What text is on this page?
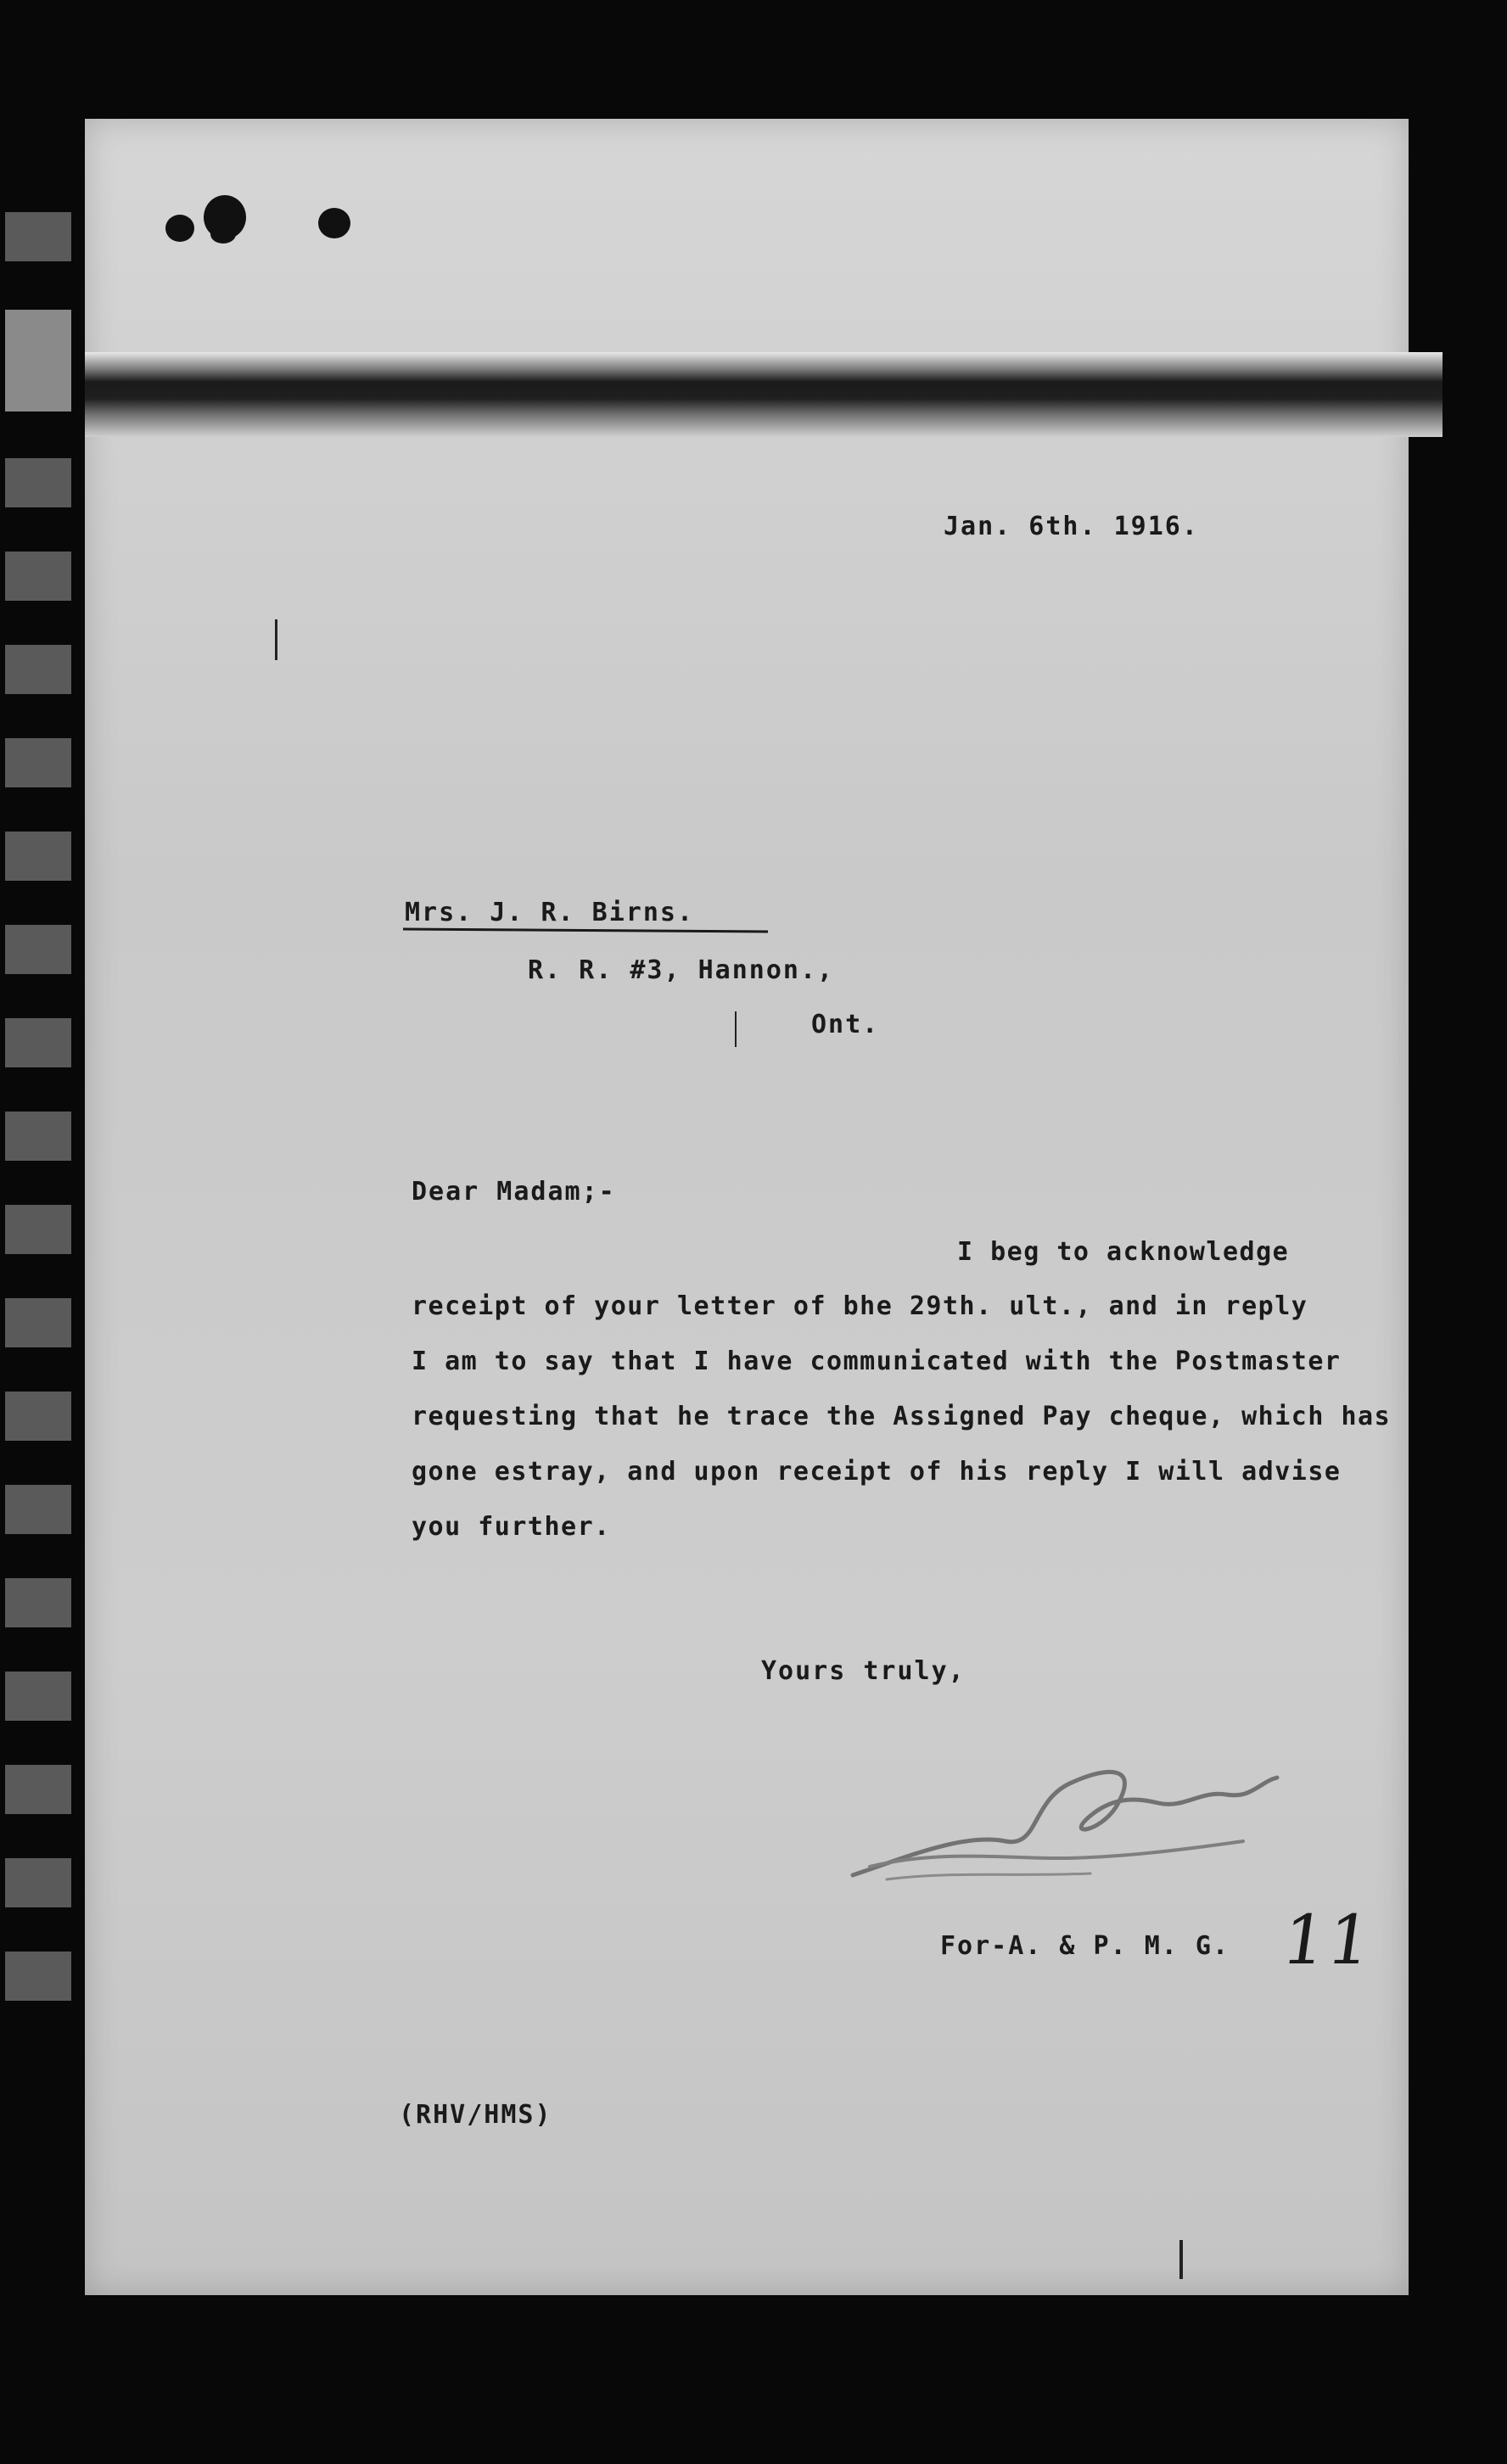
Jan. 6th. 1916.
Mrs. J. R. Birns.
R. R. #3, Hannon.,
Ont.
Dear Madam;-
I beg to acknowledge
receipt of your letter of bhe 29th. ult., and in reply
I am to say that I have communicated with the Postmaster
requesting that he trace the Assigned Pay cheque, which has
gone estray, and upon receipt of his reply I will advise
you further.
Yours truly,
For-A. & P. M. G. 11
(RHV/HMS)
